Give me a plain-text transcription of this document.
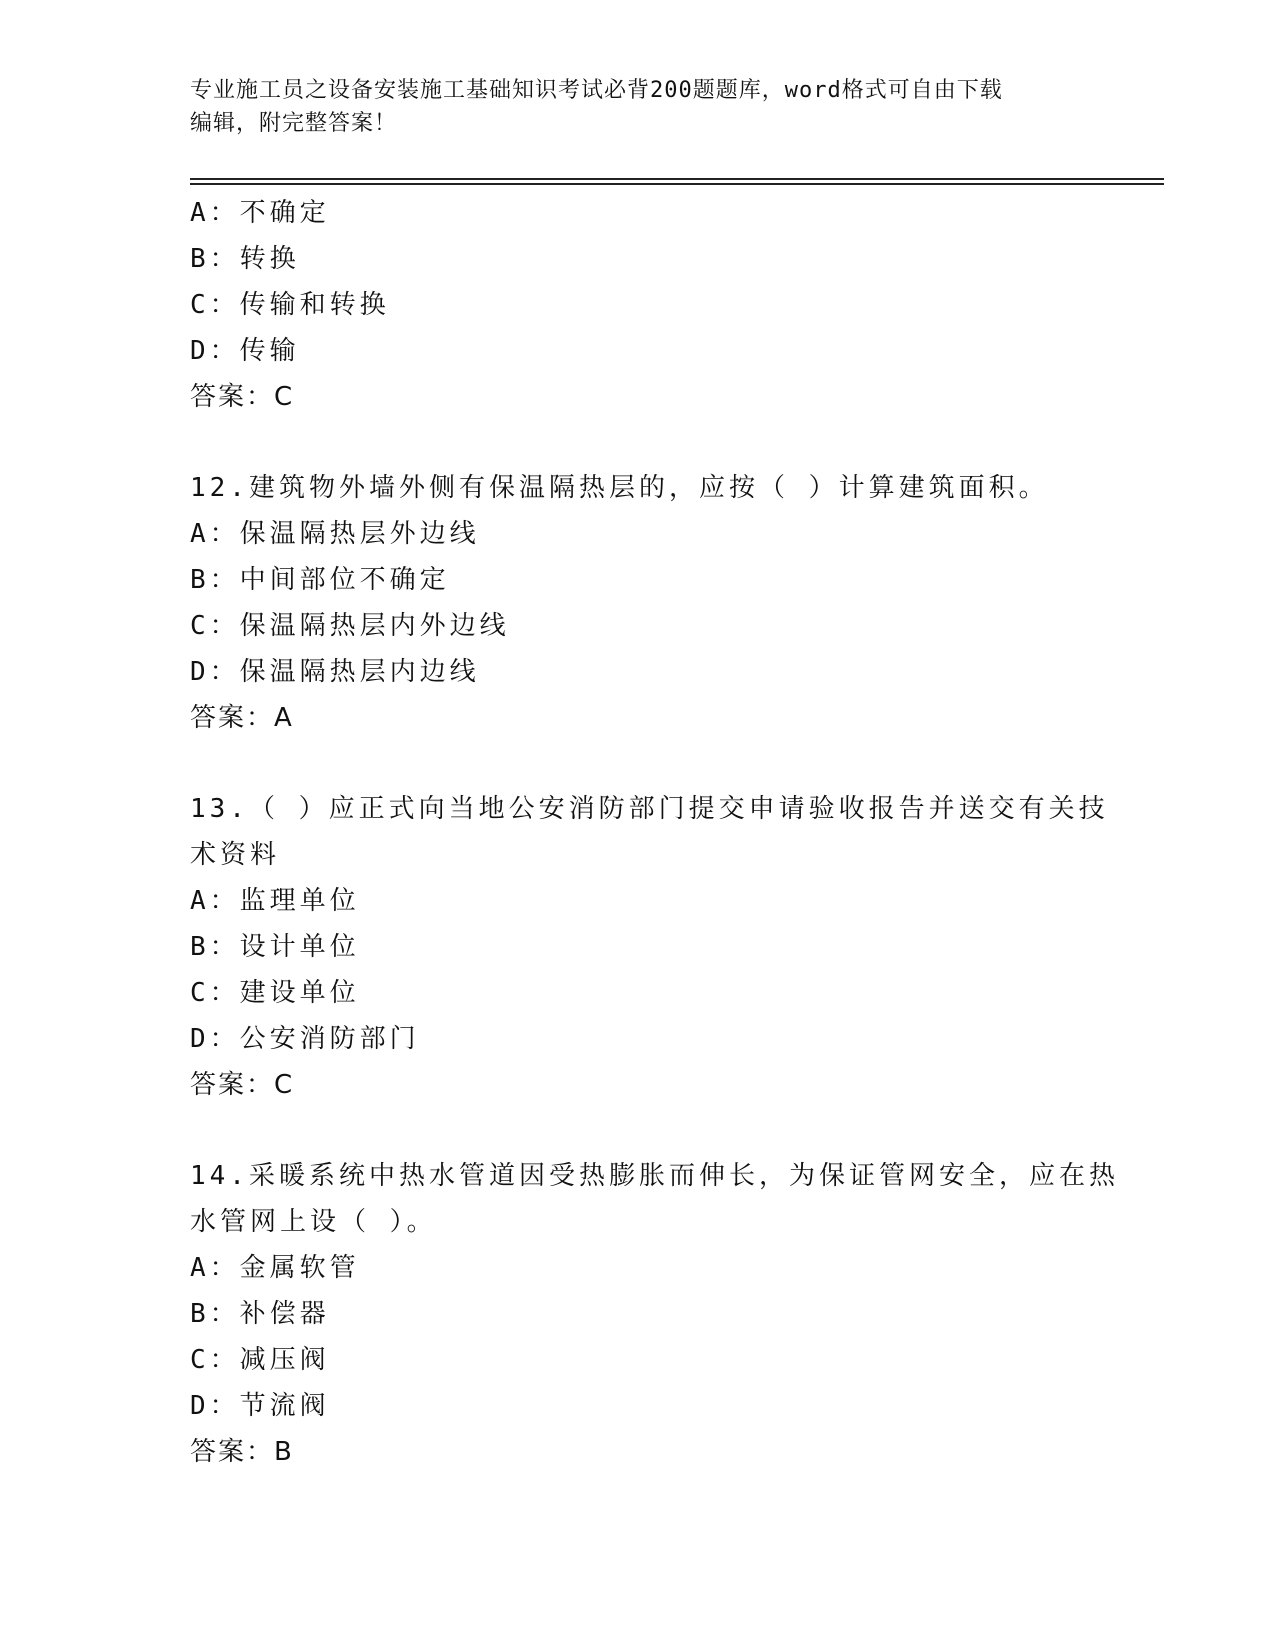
专业施工员之设备安装施工基础知识考试必背200题题库，word格式可自由下载
编辑，附完整答案！
A：不确定
B：转换
C：传输和转换
D：传输
答案：C
12.建筑物外墙外侧有保温隔热层的，应按（ ）计算建筑面积。
A：保温隔热层外边线
B：中间部位不确定
C：保温隔热层内外边线
D：保温隔热层内边线
答案：A
13.（ ）应正式向当地公安消防部门提交申请验收报告并送交有关技
术资料
A：监理单位
B：设计单位
C：建设单位
D：公安消防部门
答案：C
14.采暖系统中热水管道因受热膨胀而伸长，为保证管网安全，应在热
水管网上设（ ）。
A：金属软管
B：补偿器
C：减压阀
D：节流阀
答案：B
